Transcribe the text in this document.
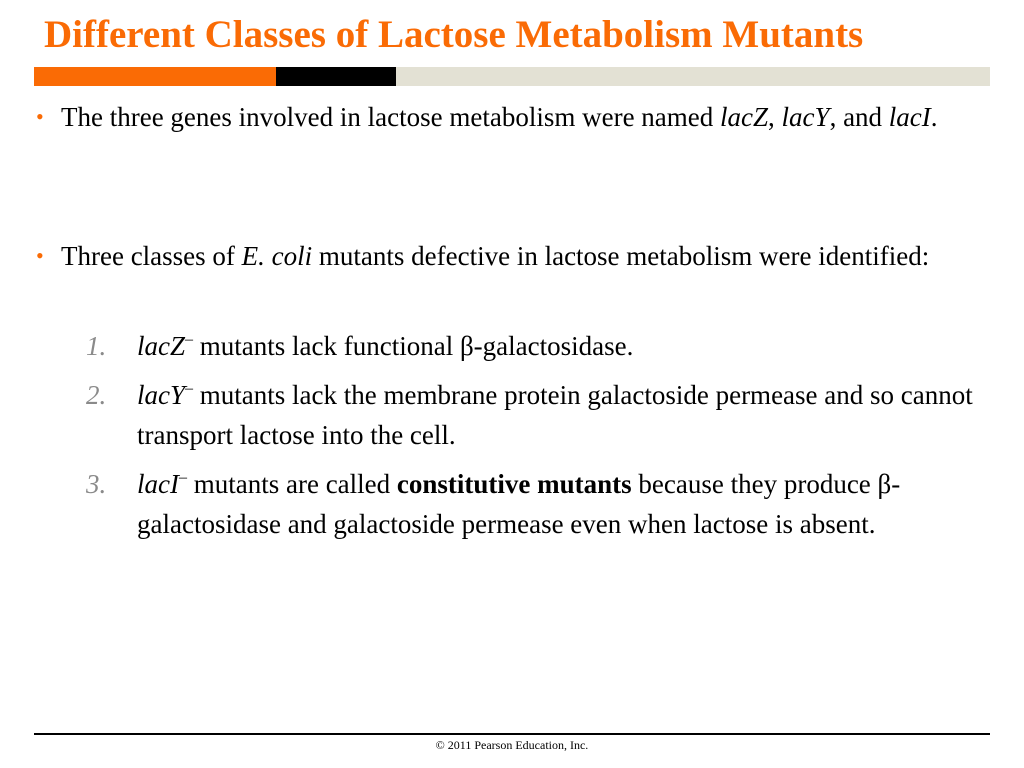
Different Classes of Lactose Metabolism Mutants
• The three genes involved in lactose metabolism were named lacZ, lacY, and lacI.
• Three classes of E. coli mutants defective in lactose metabolism were identified:
1. lacZ– mutants lack functional β-galactosidase.
2. lacY– mutants lack the membrane protein galactoside permease and so cannot transport lactose into the cell.
3. lacI– mutants are called constitutive mutants because they produce β-galactosidase and galactoside permease even when lactose is absent.
© 2011 Pearson Education, Inc.
